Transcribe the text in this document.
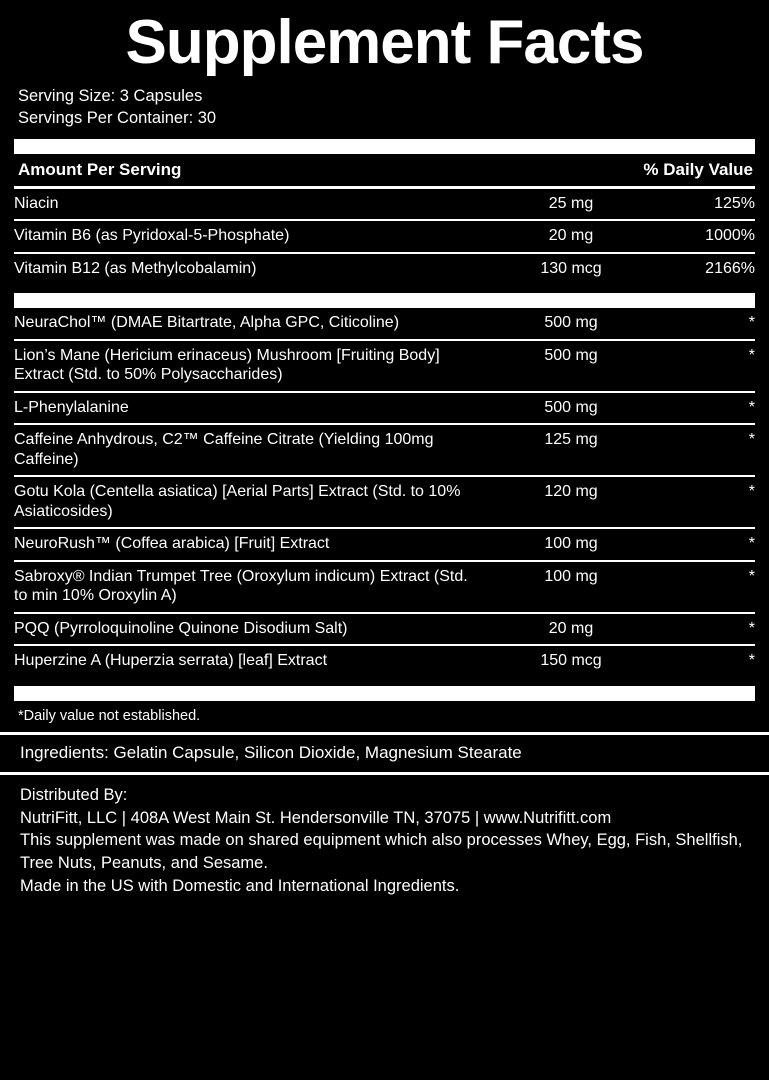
Supplement Facts
Serving Size: 3 Capsules
Servings Per Container: 30
Amount Per Serving	% Daily Value
Niacin	25 mg	125%
Vitamin B6 (as Pyridoxal-5-Phosphate)	20 mg	1000%
Vitamin B12 (as Methylcobalamin)	130 mcg	2166%
NeuraChol™ (DMAE Bitartrate, Alpha GPC, Citicoline)	500 mg	*
Lion’s Mane (Hericium erinaceus) Mushroom [Fruiting Body] Extract (Std. to 50% Polysaccharides)	500 mg	*
L-Phenylalanine	500 mg	*
Caffeine Anhydrous, C2™ Caffeine Citrate (Yielding 100mg Caffeine)	125 mg	*
Gotu Kola (Centella asiatica) [Aerial Parts] Extract (Std. to 10% Asiaticosides)	120 mg	*
NeuroRush™ (Coffea arabica) [Fruit] Extract	100 mg	*
Sabroxy® Indian Trumpet Tree (Oroxylum indicum) Extract (Std. to min 10% Oroxylin A)	100 mg	*
PQQ (Pyrroloquinoline Quinone Disodium Salt)	20 mg	*
Huperzine A (Huperzia serrata) [leaf] Extract	150 mcg	*
*Daily value not established.
Ingredients: Gelatin Capsule, Silicon Dioxide, Magnesium Stearate
Distributed By:
NutriFitt, LLC | 408A West Main St. Hendersonville TN, 37075 | www.Nutrifitt.com
This supplement was made on shared equipment which also processes Whey, Egg, Fish, Shellfish, Tree Nuts, Peanuts, and Sesame.
Made in the US with Domestic and International Ingredients.
